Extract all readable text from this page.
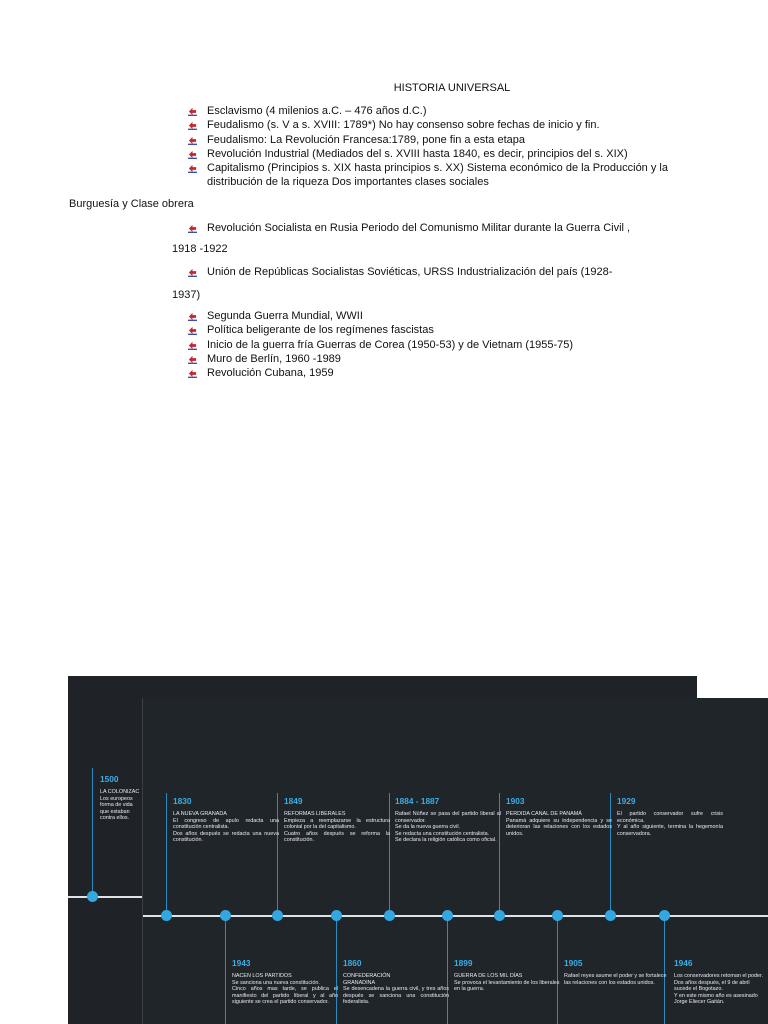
HISTORIA UNIVERSAL
Esclavismo (4 milenios a.C. – 476 años d.C.)
Feudalismo (s. V a s. XVIII: 1789*) No hay consenso sobre fechas de inicio y fin.
Feudalismo: La Revolución Francesa:1789, pone fin a esta etapa
Revolución Industrial (Mediados del s. XVIII hasta 1840, es decir, principios del s. XIX)
Capitalismo (Principios s. XIX hasta principios s. XX) Sistema económico de la Producción y la distribución de la riqueza Dos importantes clases sociales
Burguesía y Clase obrera
Revolución Socialista en Rusia Periodo del Comunismo Militar durante la Guerra Civil ,
1918 -1922
Unión de Repúblicas Socialistas Soviéticas, URSS Industrialización del país (1928-
1937)
Segunda Guerra Mundial, WWII
Política beligerante de los regímenes fascistas
Inicio de la guerra fría Guerras de Corea (1950-53) y de Vietnam (1955-75)
Muro de Berlín, 1960 -1989
Revolución Cubana, 1959
1500
LA COLONIZAC
Los europeos
forma de vida
que estaban
contra ellos.
1830
LA NUEVA GRANADA
El congreso de apulo redacta una constitución centralista.
Dos años después se redacta una nueva constitución.
1849
REFORMAS LIBERALES
Empieza a reemplazarse la estructura colonial por la del capitalismo.
Cuatro años después se reforma la constitución.
1884 - 1887
Rafael Núñez se pasa del partido liberal al conservador.
Se da la nueva guerra civil.
Se redacta una constitución centralista.
Se declara la religión católica como oficial.
1903
PERDIDA CANAL DE PANAMÁ
Panamá adquiere su independencia y se deterioran las relaciones con los estados unidos.
1929
El partido conservador sufre crisis económica.
Y al año siguiente, termina la hegemonía conservadora.
1943
NACEN LOS PARTIDOS
Se sanciona una nueva constitución.
Cinco años mas tarde, se publica el manifiesto del partido liberal y al año siguiente se crea el partido conservador.
1860
CONFEDERACIÓN GRANADINA
Se desencadena la guerra civil, y tres años después se sanciona una constitución federalista.
1899
GUERRA DE LOS MIL DÍAS
Se provoca el levantamiento de los liberales en la guerra.
1905
Rafael reyes asume el poder y se fortalece las relaciones con los estados unidos.
1946
Los conservadores retoman el poder.
Dos años después, el 9 de abril sucede el Bogotazo.
Y en este mismo año es asesinado Jorge Eliecer Gaitán.
